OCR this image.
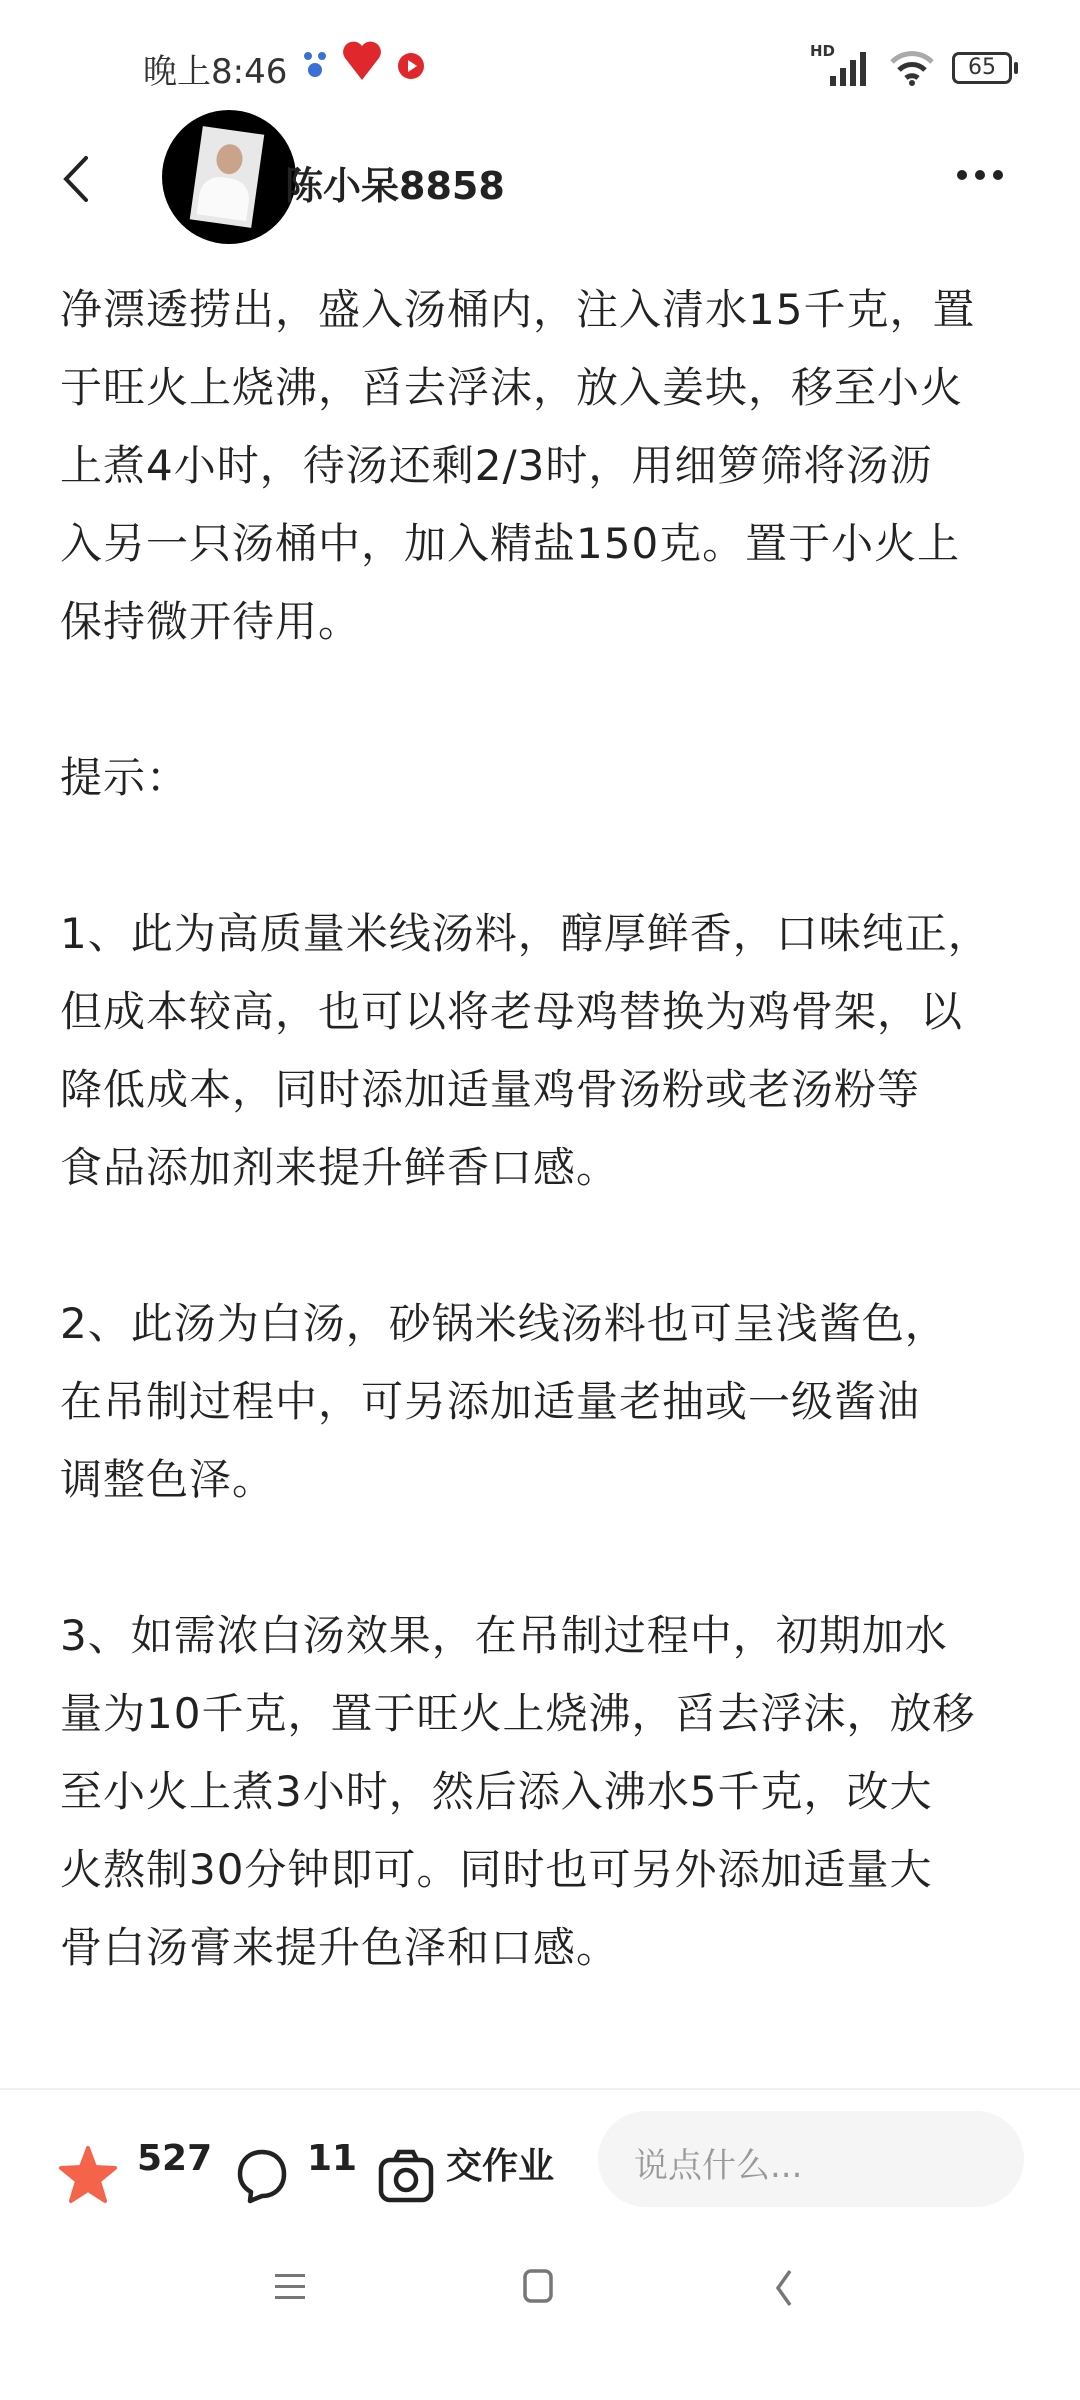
晚上8:46
HD
65
陈小呆8858
净漂透捞出，盛入汤桶内，注入清水15千克，置
于旺火上烧沸，舀去浮沫，放入姜块，移至小火
上煮4小时，待汤还剩2/3时，用细箩筛将汤沥
入另一只汤桶中，加入精盐150克。置于小火上
保持微开待用。
提示：
1、此为高质量米线汤料，醇厚鲜香，口味纯正，
但成本较高，也可以将老母鸡替换为鸡骨架，以
降低成本，同时添加适量鸡骨汤粉或老汤粉等
食品添加剂来提升鲜香口感。
2、此汤为白汤，砂锅米线汤料也可呈浅酱色，
在吊制过程中，可另添加适量老抽或一级酱油
调整色泽。
3、如需浓白汤效果，在吊制过程中，初期加水
量为10千克，置于旺火上烧沸，舀去浮沫，放移
至小火上煮3小时，然后添入沸水5千克，改大
火熬制30分钟即可。同时也可另外添加适量大
骨白汤膏来提升色泽和口感。
527	11 交作业 说点什么...
